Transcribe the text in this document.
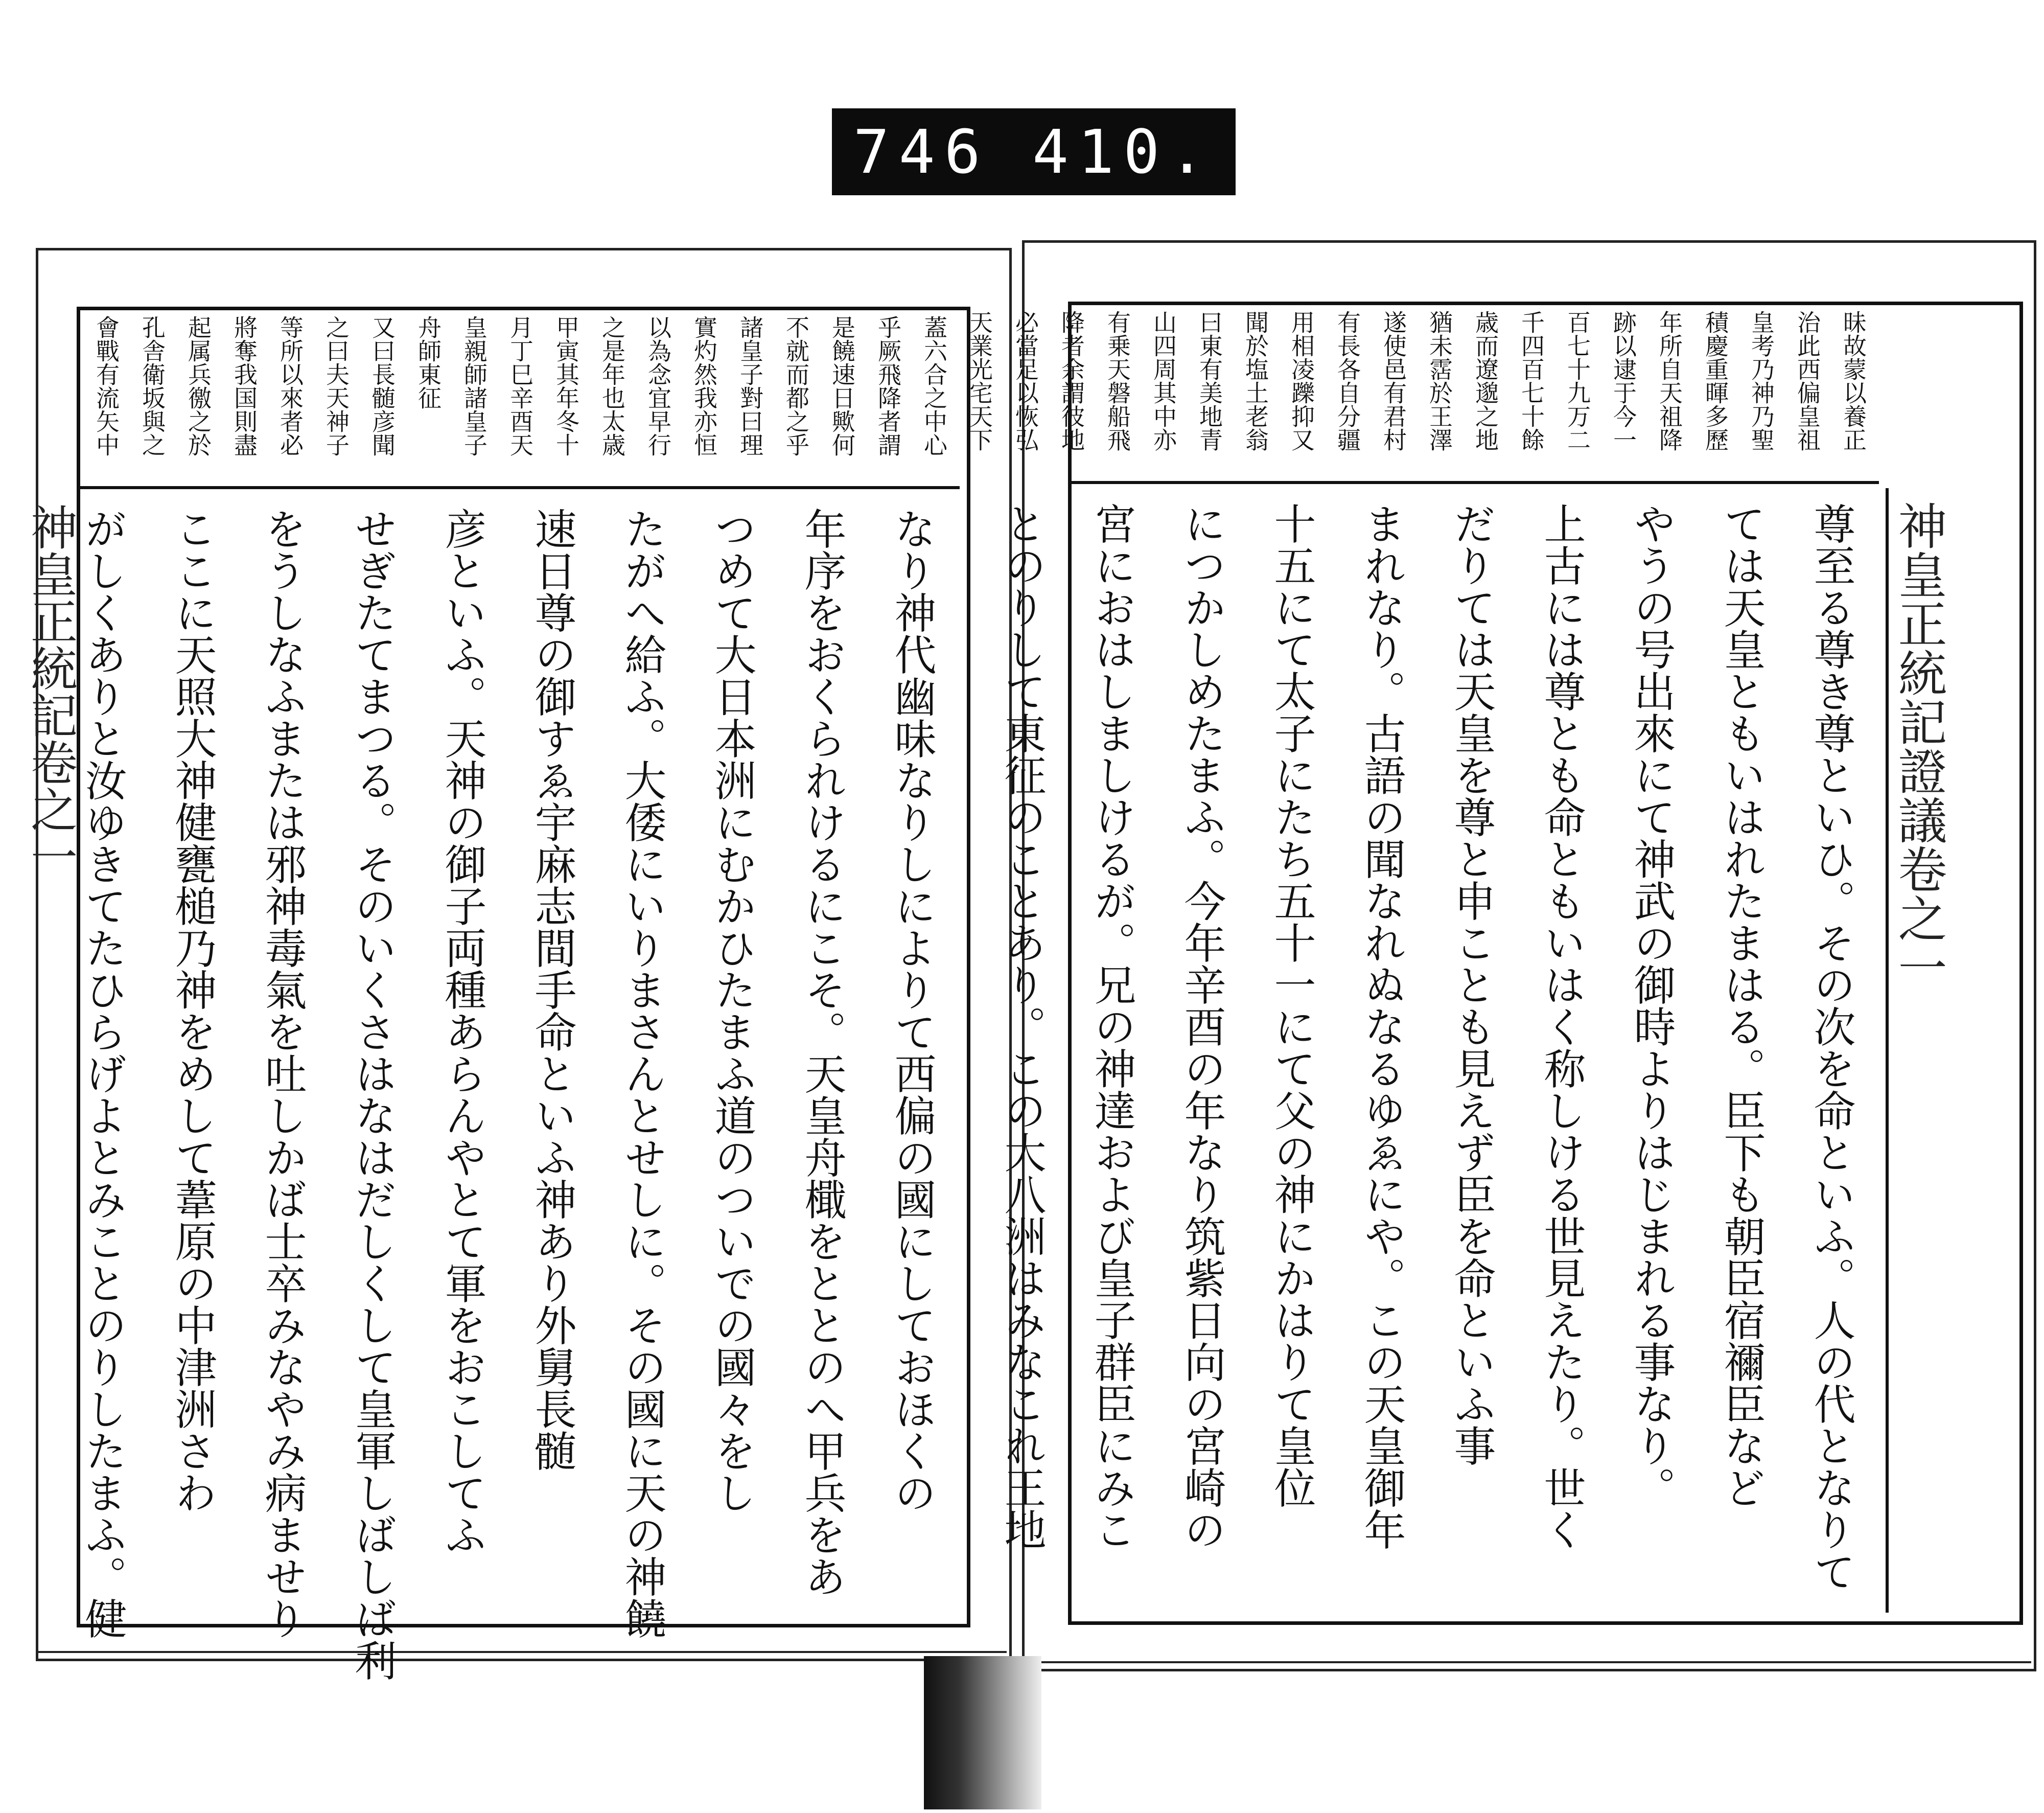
746 410.
神皇正統記證議卷之一
昧故蒙以養正
治此西偏皇祖
皇考乃神乃聖
積慶重暉多歷
年所自天祖降
跡以逮于今一
百七十九万二
千四百七十餘
歳而遼邈之地
猶未霑於王澤
遂使邑有君村
有長各自分疆
用相凌躒抑又
聞於塩土老翁
曰東有美地青
山四周其中亦
有乗天磐船飛
降者余謂彼地
必當足以恢弘
天業光宅天下
尊至る尊き尊といひ。その次を命といふ。人の代となりて
ては天皇ともいはれたまはる。臣下も朝臣宿禰臣など
やうの号出來にて神武の御時よりはじまれる事なり。
上古には尊とも命ともいはく称しける世見えたり。世く
だりては天皇を尊と申ことも見えず臣を命といふ事
まれなり。古語の聞なれぬなるゆゑにや。この天皇御年
十五にて太子にたち五十一にて父の神にかはりて皇位
につかしめたまふ。今年辛酉の年なり筑紫日向の宮崎の
宮におはしましけるが。兄の神達および皇子群臣にみこ
とのりして東征のことあり。この大八洲はみなこれ王地
神皇正統記卷之一
蓋六合之中心
乎厥飛降者謂
是饒速日歟何
不就而都之乎
諸皇子對曰理
實灼然我亦恒
以為念宜早行
之是年也太歳
甲寅其年冬十
月丁巳辛酉天
皇親師諸皇子
舟師東征
又曰長髄彦聞
之曰夫天神子
等所以來者必
將奪我国則盡
起属兵徼之於
孔舎衛坂與之
會戰有流矢中
なり神代幽味なりしによりて西偏の國にしておほくの
年序をおくられけるにこそ。天皇舟檝をととのへ甲兵をあ
つめて大日本洲にむかひたまふ道のついでの國々をし
たがへ給ふ。大倭にいりまさんとせしに。その國に天の神饒
速日尊の御すゑ宇麻志間手命といふ神あり外舅長髄
彦といふ。天神の御子両種あらんやとて軍をおこしてふ
せぎたてまつる。そのいくさはなはだしくして皇軍しばしば利
をうしなふまたは邪神毒氣を吐しかば士卒みなやみ病ませり
ここに天照大神健甕槌乃神をめして葦原の中津洲さわ
がしくありと汝ゆきてたひらげよとみことのりしたまふ。健
